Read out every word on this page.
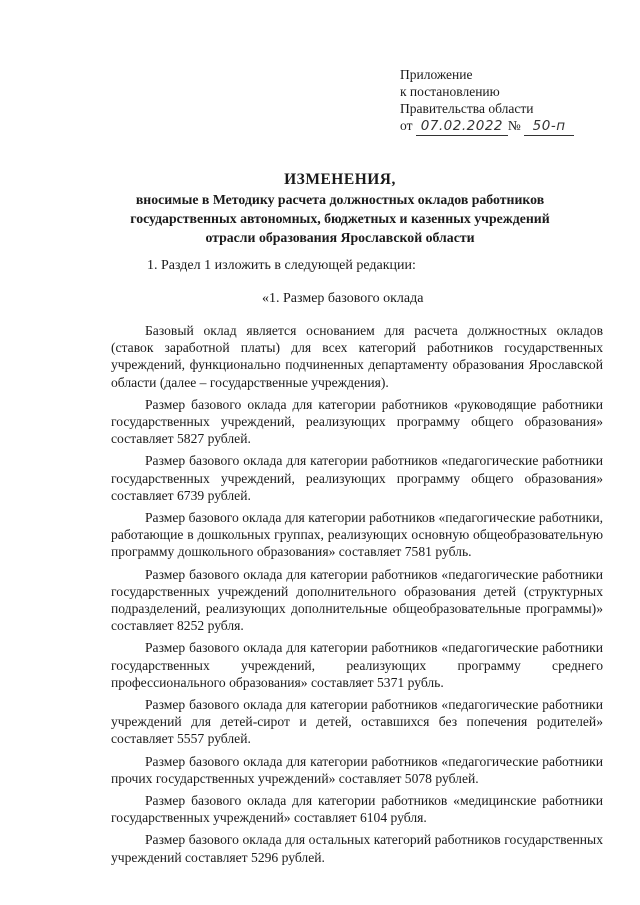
Приложение
к постановлению
Правительства области
от 07.02.2022 № 50-п
ИЗМЕНЕНИЯ,
вносимые в Методику расчета должностных окладов работников
государственных автономных, бюджетных и казенных учреждений
отрасли образования Ярославской области
1. Раздел 1 изложить в следующей редакции:
«1. Размер базового оклада

Базовый оклад является основанием для расчета должностных окладов (ставок заработной платы) для всех категорий работников государственных учреждений, функционально подчиненных департаменту образования Ярославской области (далее – государственные учреждения).

Размер базового оклада для категории работников «руководящие работники государственных учреждений, реализующих программу общего образования» составляет 5827 рублей.

Размер базового оклада для категории работников «педагогические работники государственных учреждений, реализующих программу общего образования» составляет 6739 рублей.

Размер базового оклада для категории работников «педагогические работники, работающие в дошкольных группах, реализующих основную общеобразовательную программу дошкольного образования» составляет 7581 рубль.

Размер базового оклада для категории работников «педагогические работники государственных учреждений дополнительного образования детей (структурных подразделений, реализующих дополнительные общеобразовательные программы)» составляет 8252 рубля.

Размер базового оклада для категории работников «педагогические работники государственных учреждений, реализующих программу среднего профессионального образования» составляет 5371 рубль.

Размер базового оклада для категории работников «педагогические работники учреждений для детей-сирот и детей, оставшихся без попечения родителей» составляет 5557 рублей.

Размер базового оклада для категории работников «педагогические работники прочих государственных учреждений» составляет 5078 рублей.

Размер базового оклада для категории работников «медицинские работники государственных учреждений» составляет 6104 рубля.

Размер базового оклада для остальных категорий работников государственных учреждений составляет 5296 рублей.
